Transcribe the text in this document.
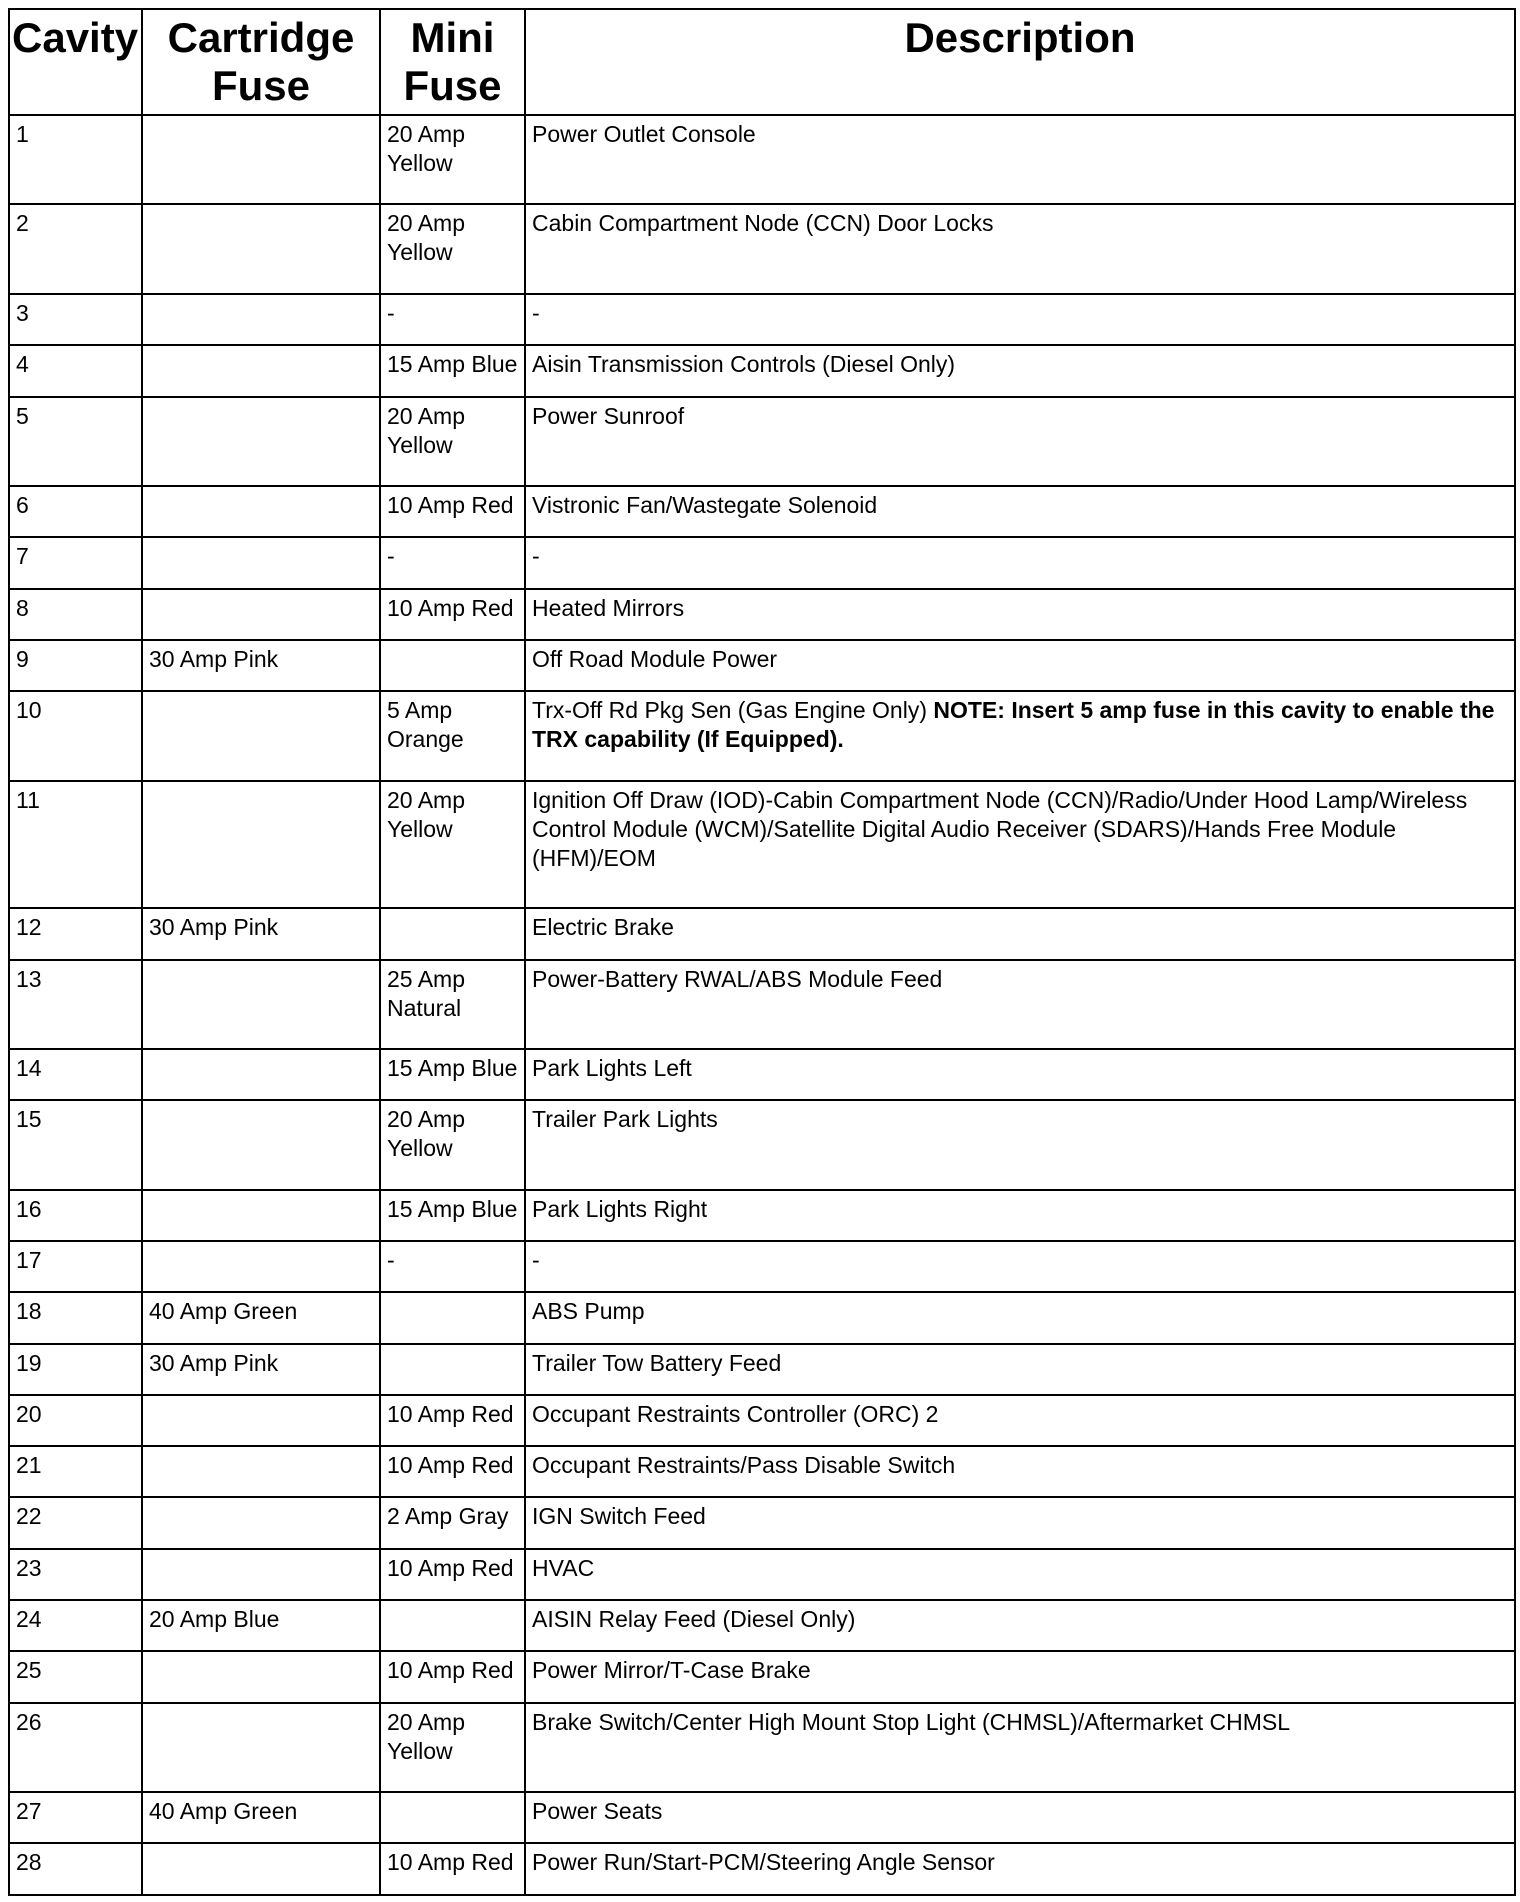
Cavity	Cartridge Fuse	Mini Fuse	Description
1		20 Amp Yellow	Power Outlet Console
2		20 Amp Yellow	Cabin Compartment Node (CCN) Door Locks
3		-	-
4		15 Amp Blue	Aisin Transmission Controls (Diesel Only)
5		20 Amp Yellow	Power Sunroof
6		10 Amp Red	Vistronic Fan/Wastegate Solenoid
7		-	-
8		10 Amp Red	Heated Mirrors
9	30 Amp Pink		Off Road Module Power
10		5 Amp Orange	Trx-Off Rd Pkg Sen (Gas Engine Only) NOTE: Insert 5 amp fuse in this cavity to enable the TRX capability (If Equipped).
11		20 Amp Yellow	Ignition Off Draw (IOD)-Cabin Compartment Node (CCN)/Radio/Under Hood Lamp/Wireless Control Module (WCM)/Satellite Digital Audio Receiver (SDARS)/Hands Free Module (HFM)/EOM
12	30 Amp Pink		Electric Brake
13		25 Amp Natural	Power-Battery RWAL/ABS Module Feed
14		15 Amp Blue	Park Lights Left
15		20 Amp Yellow	Trailer Park Lights
16		15 Amp Blue	Park Lights Right
17		-	-
18	40 Amp Green		ABS Pump
19	30 Amp Pink		Trailer Tow Battery Feed
20		10 Amp Red	Occupant Restraints Controller (ORC) 2
21		10 Amp Red	Occupant Restraints/Pass Disable Switch
22		2 Amp Gray	IGN Switch Feed
23		10 Amp Red	HVAC
24	20 Amp Blue		AISIN Relay Feed (Diesel Only)
25		10 Amp Red	Power Mirror/T-Case Brake
26		20 Amp Yellow	Brake Switch/Center High Mount Stop Light (CHMSL)/Aftermarket CHMSL
27	40 Amp Green		Power Seats
28		10 Amp Red	Power Run/Start-PCM/Steering Angle Sensor
